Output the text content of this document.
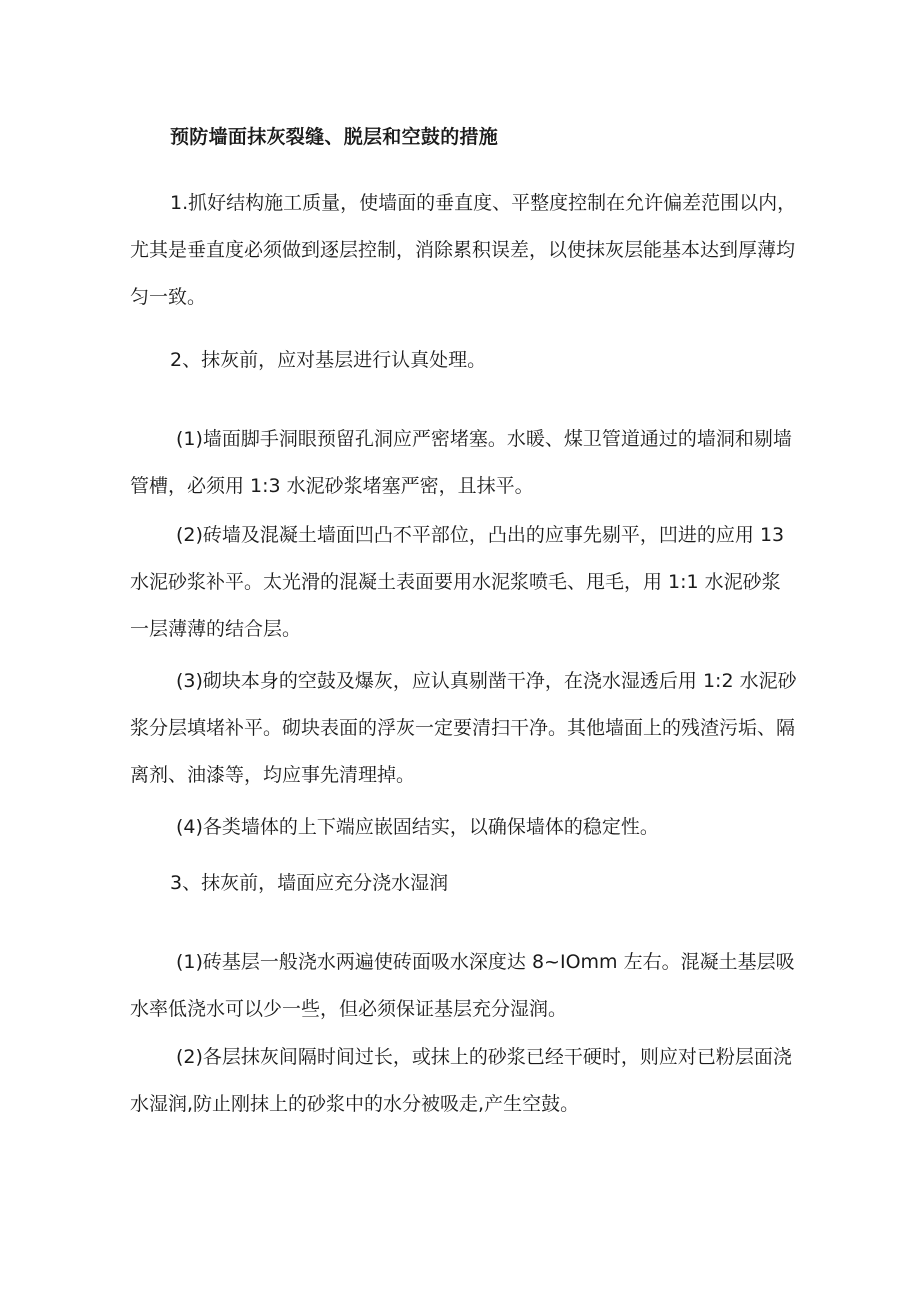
预防墙面抹灰裂缝、脱层和空鼓的措施

1.抓好结构施工质量，使墙面的垂直度、平整度控制在允许偏差范围以内，尤其是垂直度必须做到逐层控制，消除累积误差，以使抹灰层能基本达到厚薄均匀一致。

2、抹灰前，应对基层进行认真处理。

(1)墙面脚手洞眼预留孔洞应严密堵塞。水暖、煤卫管道通过的墙洞和剔墙管槽，必须用 1:3 水泥砂浆堵塞严密，且抹平。

(2)砖墙及混凝土墙面凹凸不平部位，凸出的应事先剔平，凹进的应用 13 水泥砂浆补平。太光滑的混凝土表面要用水泥浆喷毛、甩毛，用 1:1 水泥砂浆一层薄薄的结合层。

(3)砌块本身的空鼓及爆灰，应认真剔凿干净，在浇水湿透后用 1:2 水泥砂浆分层填堵补平。砌块表面的浮灰一定要清扫干净。其他墙面上的残渣污垢、隔离剂、油漆等，均应事先清理掉。

(4)各类墙体的上下端应嵌固结实，以确保墙体的稳定性。

3、抹灰前，墙面应充分浇水湿润

(1)砖基层一般浇水两遍使砖面吸水深度达 8~IOmm 左右。混凝土基层吸水率低浇水可以少一些，但必须保证基层充分湿润。

(2)各层抹灰间隔时间过长，或抹上的砂浆已经干硬时，则应对已粉层面浇水湿润,防止刚抹上的砂浆中的水分被吸走,产生空鼓。
